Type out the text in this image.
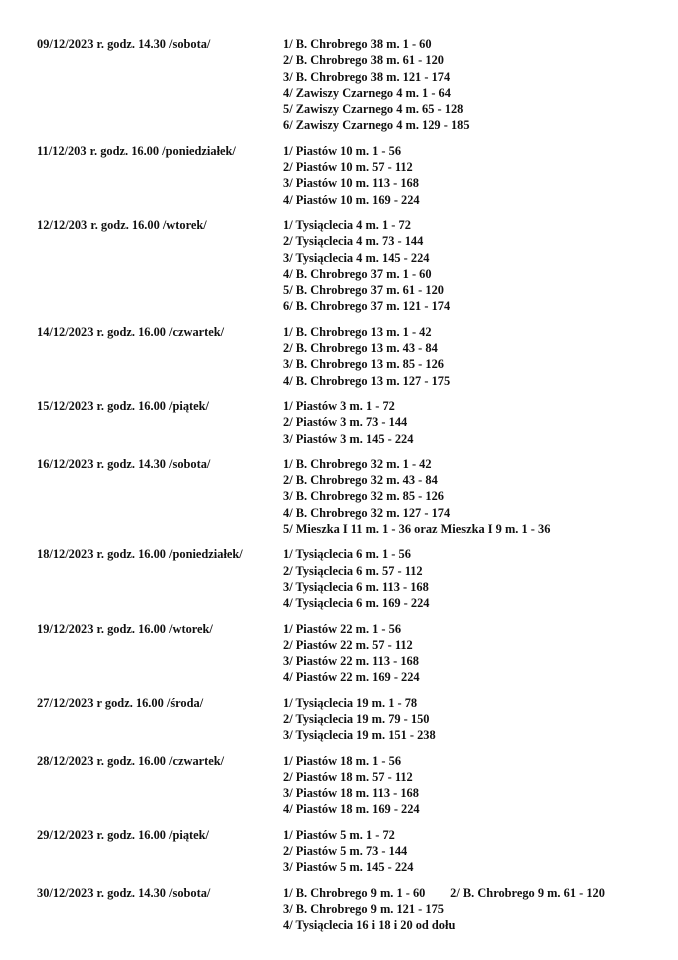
09/12/2023 r. godz. 14.30 /sobota/	1/ B. Chrobrego 38 m. 1 - 60
2/ B. Chrobrego 38 m. 61 - 120
3/ B. Chrobrego 38 m. 121 - 174
4/ Zawiszy Czarnego 4 m. 1 - 64
5/ Zawiszy Czarnego 4 m. 65 - 128
6/ Zawiszy Czarnego 4 m. 129 - 185
11/12/203 r. godz. 16.00 /poniedziałek/	1/ Piastów 10 m. 1 - 56
2/ Piastów 10 m. 57 - 112
3/ Piastów 10 m. 113 - 168
4/ Piastów 10 m. 169 - 224
12/12/203 r. godz. 16.00 /wtorek/	1/ Tysiąclecia 4 m. 1 - 72
2/ Tysiąclecia 4 m. 73 - 144
3/ Tysiąclecia 4 m. 145 - 224
4/ B. Chrobrego 37 m. 1 - 60
5/ B. Chrobrego 37 m. 61 - 120
6/ B. Chrobrego 37 m. 121 - 174
14/12/2023 r. godz. 16.00 /czwartek/	1/ B. Chrobrego 13 m. 1 - 42
2/ B. Chrobrego 13 m. 43 - 84
3/ B. Chrobrego 13 m. 85 - 126
4/ B. Chrobrego 13 m. 127 - 175
15/12/2023 r. godz. 16.00 /piątek/	1/ Piastów 3 m. 1 - 72
2/ Piastów 3 m. 73 - 144
3/ Piastów 3 m. 145 - 224
16/12/2023 r. godz. 14.30 /sobota/	1/ B. Chrobrego 32 m. 1 - 42
2/ B. Chrobrego 32 m. 43 - 84
3/ B. Chrobrego 32 m. 85 - 126
4/ B. Chrobrego 32 m. 127 - 174
5/ Mieszka I 11 m. 1 - 36 oraz Mieszka I 9 m. 1 - 36
18/12/2023 r. godz. 16.00 /poniedziałek/	1/ Tysiąclecia 6 m. 1 - 56
2/ Tysiąclecia 6 m. 57 - 112
3/ Tysiąclecia 6 m. 113 - 168
4/ Tysiąclecia 6 m. 169 - 224
19/12/2023 r. godz. 16.00 /wtorek/	1/ Piastów 22 m. 1 - 56
2/ Piastów 22 m. 57 - 112
3/ Piastów 22 m. 113 - 168
4/ Piastów 22 m. 169 - 224
27/12/2023 r godz. 16.00 /środa/	1/ Tysiąclecia 19 m. 1 - 78
2/ Tysiąclecia 19 m. 79 - 150
3/ Tysiąclecia 19 m. 151 - 238
28/12/2023 r. godz. 16.00 /czwartek/	1/ Piastów 18 m. 1 - 56
2/ Piastów 18 m. 57 - 112
3/ Piastów 18 m. 113 - 168
4/ Piastów 18 m. 169 - 224
29/12/2023 r. godz. 16.00 /piątek/	1/ Piastów 5 m. 1 - 72
2/ Piastów 5 m. 73 - 144
3/ Piastów 5 m. 145 - 224
30/12/2023 r. godz. 14.30 /sobota/	1/ B. Chrobrego 9 m. 1 - 60        2/ B. Chrobrego 9 m. 61 - 120
3/ B. Chrobrego 9 m. 121 - 175
4/ Tysiąclecia 16 i 18 i 20 od dołu
